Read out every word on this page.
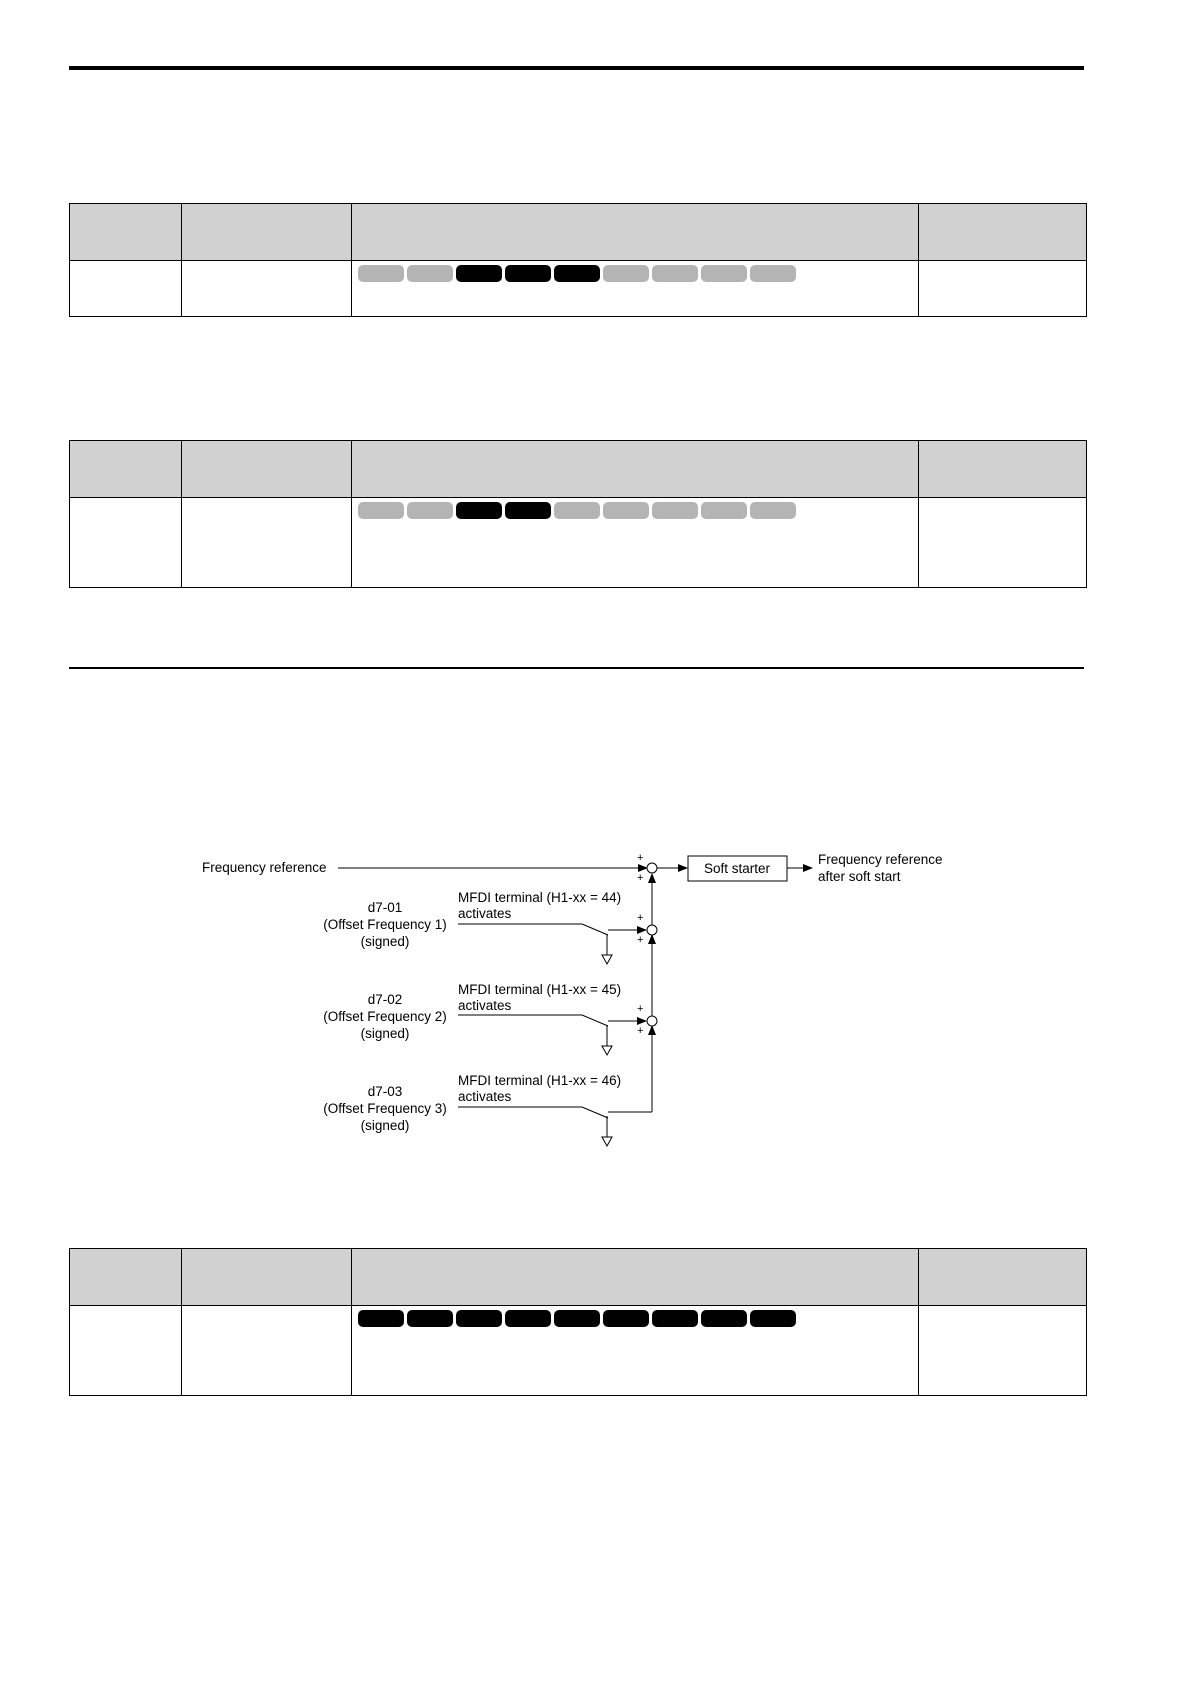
Frequency reference
+
+
Soft starter
Frequency reference
after soft start
+
+
+
+
d7-01
(Offset Frequency 1)
(signed)
MFDI terminal (H1-xx = 44)
activates
d7-02
(Offset Frequency 2)
(signed)
MFDI terminal (H1-xx = 45)
activates
d7-03
(Offset Frequency 3)
(signed)
MFDI terminal (H1-xx = 46)
activates
